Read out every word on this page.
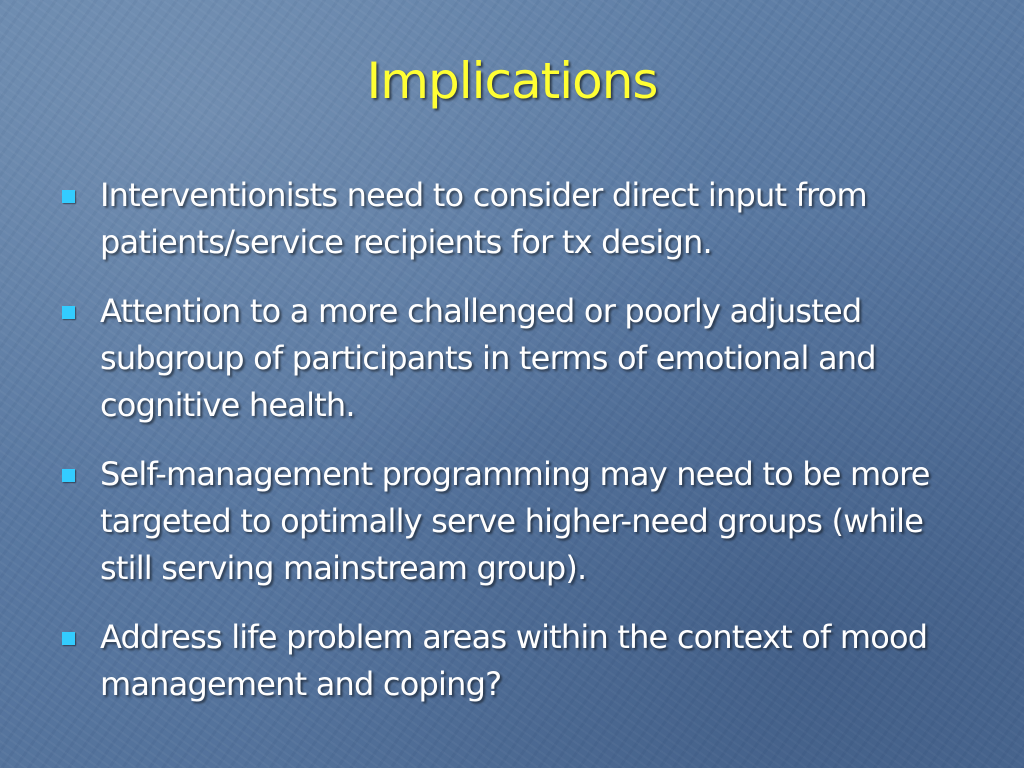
Implications
Interventionists need to consider direct input from patients/service recipients for tx design.
Attention to a more challenged or poorly adjusted subgroup of participants in terms of emotional and cognitive health.
Self-management programming may need to be more targeted to optimally serve higher-need groups (while still serving mainstream group).
Address life problem areas within the context of mood management and coping?
